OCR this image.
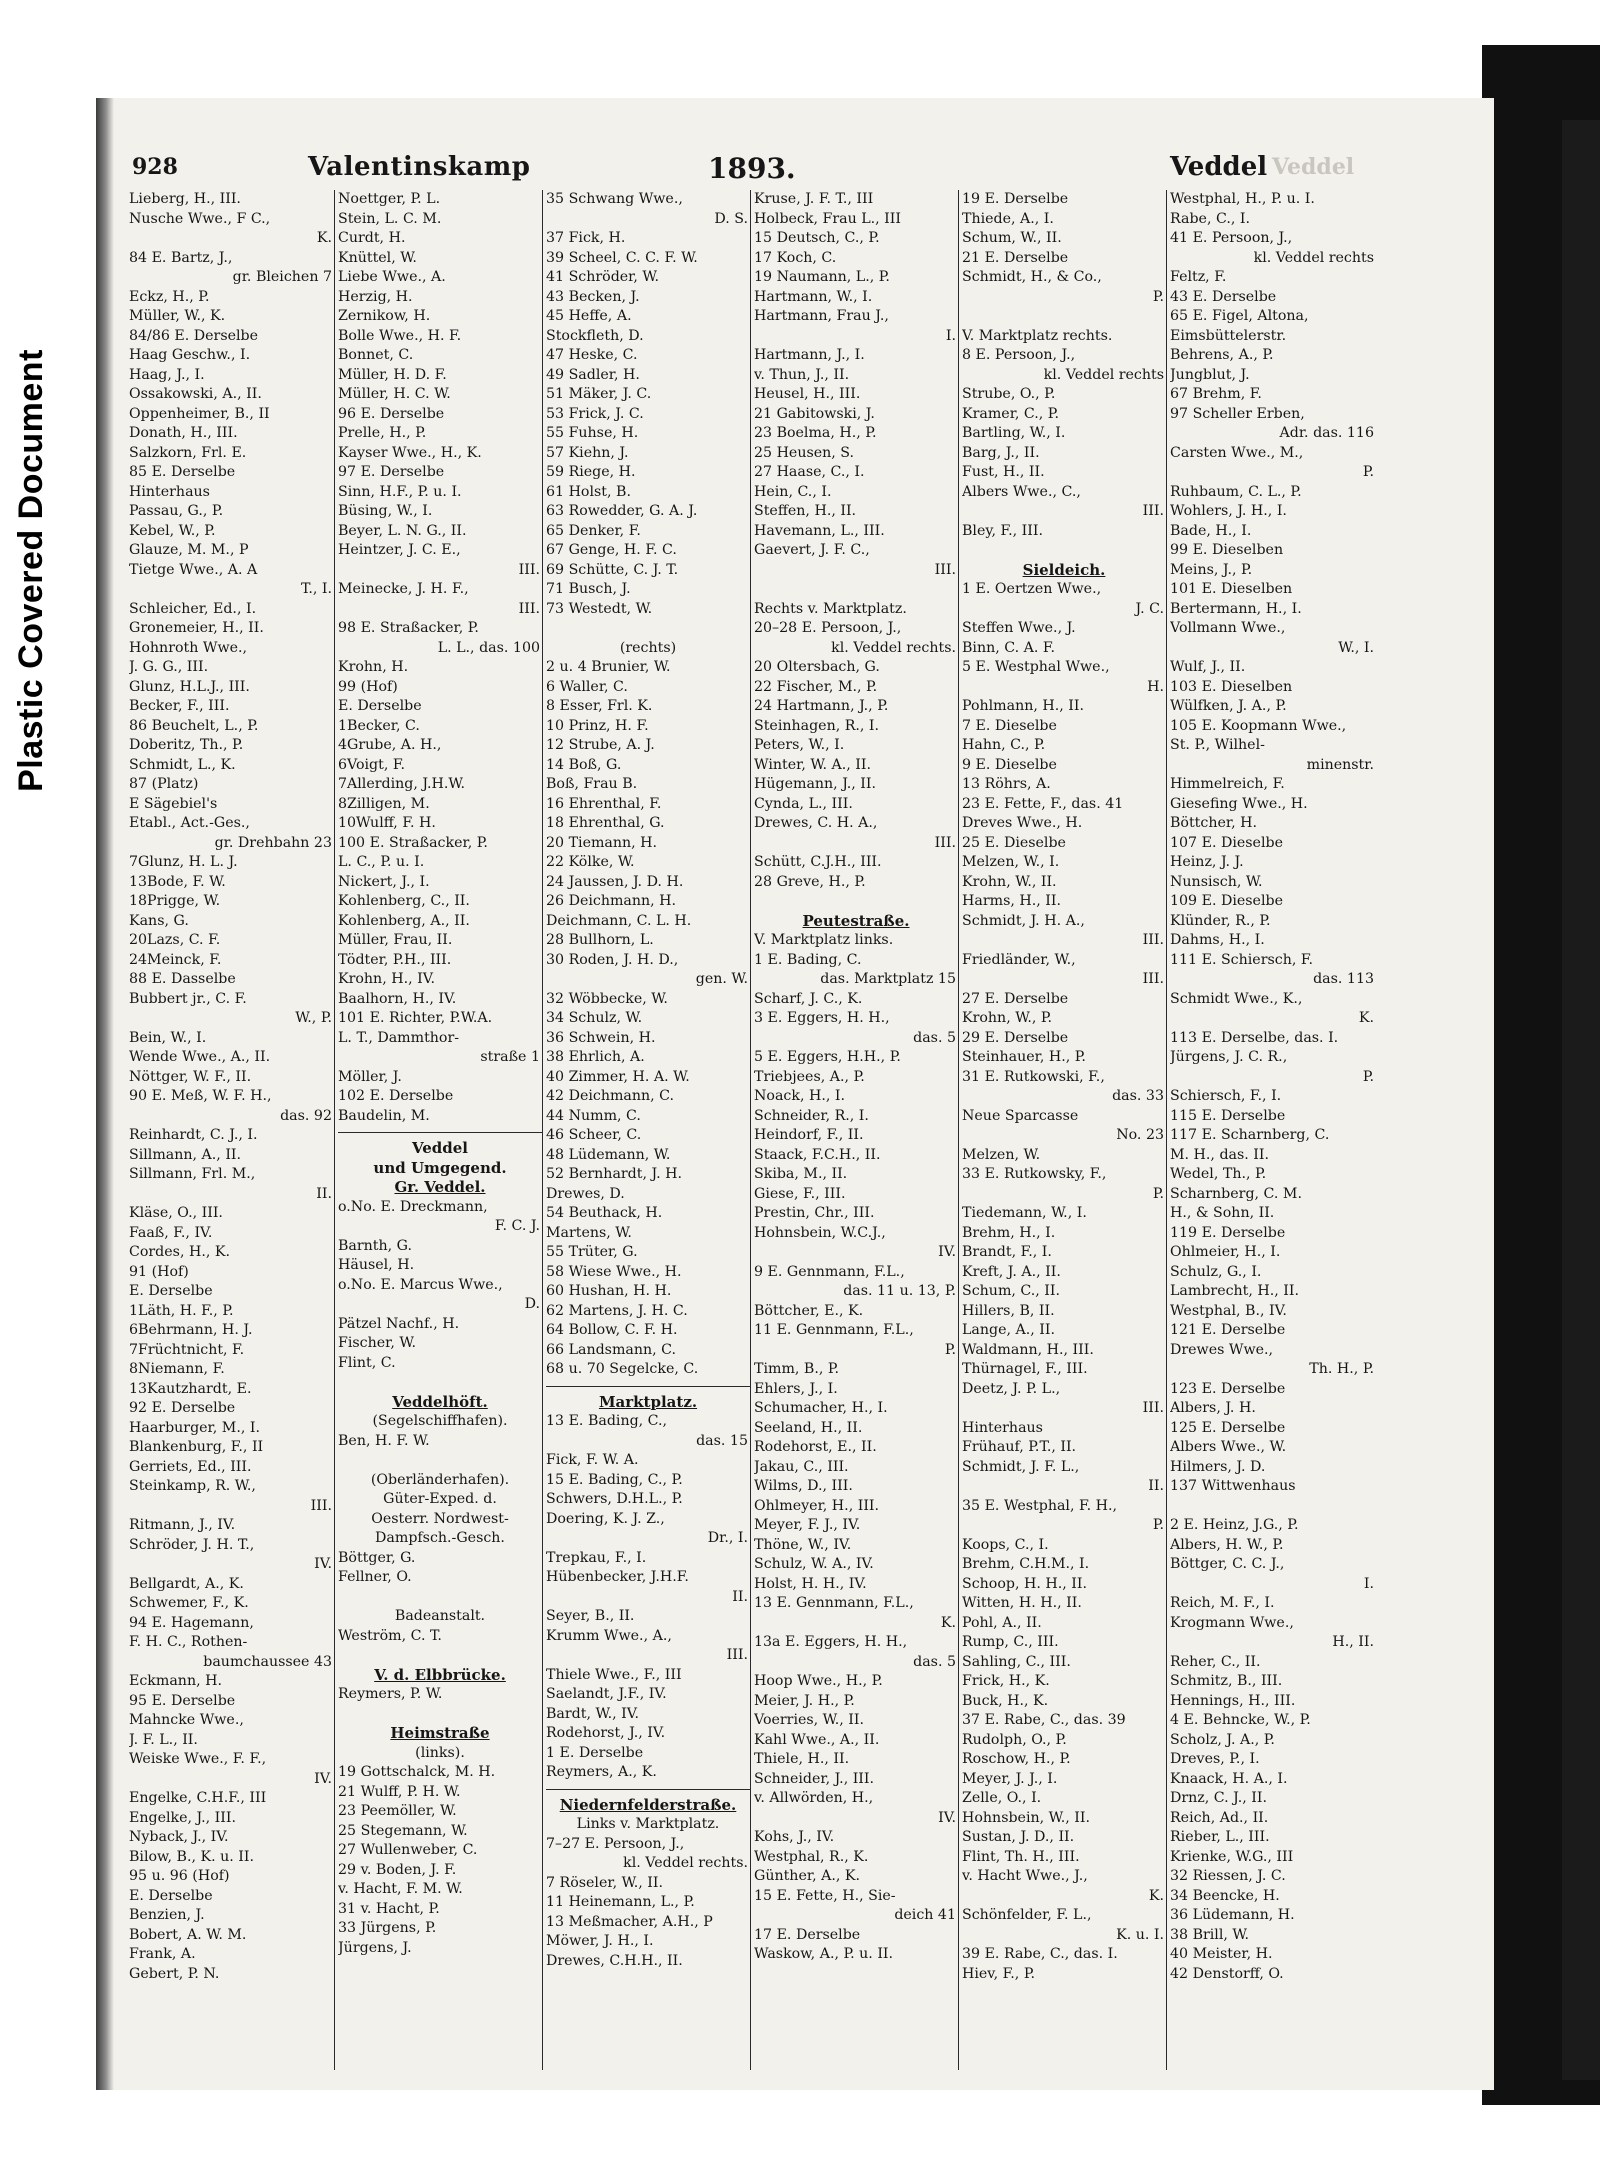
Plastic Covered Document
928	Valentinskamp	1893.	Veddel Veddel
Lieberg, H., III.
Nusche Wwe., F C.,
K.
84 E. Bartz, J.,
gr. Bleichen 7
Eckz, H., P.
Müller, W., K.
84/86 E. Derselbe
Haag Geschw., I.
Haag, J., I.
Ossakowski, A., II.
Oppenheimer, B., II
Donath, H., III.
Salzkorn, Frl. E.
85 E. Derselbe
Hinterhaus
Passau, G., P.
Kebel, W., P.
Glauze, M. M., P
Tietge Wwe., A. A
T., I.
Schleicher, Ed., I.
Gronemeier, H., II.
Hohnroth Wwe.,
J. G. G., III.
Glunz, H.L.J., III.
Becker, F., III.
86 Beuchelt, L., P.
Doberitz, Th., P.
Schmidt, L., K.
87 (Platz)
E Sägebiel's
Etabl., Act.-Ges.,
gr. Drehbahn 23
7Glunz, H. L. J.
13Bode, F. W.
18Prigge, W.
Kans, G.
20Lazs, C. F.
24Meinck, F.
88 E. Dasselbe
Bubbert jr., C. F.
W., P.
Bein, W., I.
Wende Wwe., A., II.
Nöttger, W. F., II.
90 E. Meß, W. F. H.,
das. 92
Reinhardt, C. J., I.
Sillmann, A., II.
Sillmann, Frl. M.,
II.
Kläse, O., III.
Faaß, F., IV.
Cordes, H., K.
91 (Hof)
E. Derselbe
1Läth, H. F., P.
6Behrmann, H. J.
7Früchtnicht, F.
8Niemann, F.
13Kautzhardt, E.
92 E. Derselbe
Haarburger, M., I.
Blankenburg, F., II
Gerriets, Ed., III.
Steinkamp, R. W.,
III.
Ritmann, J., IV.
Schröder, J. H. T.,
IV.
Bellgardt, A., K.
Schwemer, F., K.
94 E. Hagemann,
F. H. C., Rothen-
baumchaussee 43
Eckmann, H.
95 E. Derselbe
Mahncke Wwe.,
J. F. L., II.
Weiske Wwe., F. F.,
IV.
Engelke, C.H.F., III
Engelke, J., III.
Nyback, J., IV.
Bilow, B., K. u. II.
95 u. 96 (Hof)
E. Derselbe
Benzien, J.
Bobert, A. W. M.
Frank, A.
Gebert, P. N.
Noettger, P. L.
Stein, L. C. M.
Curdt, H.
Knüttel, W.
Liebe Wwe., A.
Herzig, H.
Zernikow, H.
Bolle Wwe., H. F.
Bonnet, C.
Müller, H. D. F.
Müller, H. C. W.
96 E. Derselbe
Prelle, H., P.
Kayser Wwe., H., K.
97 E. Derselbe
Sinn, H.F., P. u. I.
Büsing, W., I.
Beyer, L. N. G., II.
Heintzer, J. C. E.,
III.
Meinecke, J. H. F.,
III.
98 E. Straßacker, P.
L. L., das. 100
Krohn, H.
99 (Hof)
E. Derselbe
1Becker, C.
4Grube, A. H.,
6Voigt, F.
7Allerding, J.H.W.
8Zilligen, M.
10Wulff, F. H.
100 E. Straßacker, P.
L. C., P. u. I.
Nickert, J., I.
Kohlenberg, C., II.
Kohlenberg, A., II.
Müller, Frau, II.
Tödter, P.H., III.
Krohn, H., IV.
Baalhorn, H., IV.
101 E. Richter, P.W.A.
L. T., Dammthor-
straße 1
Möller, J.
102 E. Derselbe
Baudelin, M.
Veddel
und Umgegend.
Gr. Veddel.
o.No. E. Dreckmann,
F. C. J.
Barnth, G.
Häusel, H.
o.No. E. Marcus Wwe.,
D.
Pätzel Nachf., H.
Fischer, W.
Flint, C.
Veddelhöft.
(Segelschiffhafen).
Ben, H. F. W.
(Oberländerhafen).
Güter-Exped. d.
Oesterr. Nordwest-
Dampfsch.-Gesch.
Böttger, G.
Fellner, O.
Badeanstalt.
Weström, C. T.
V. d. Elbbrücke.
Reymers, P. W.
Heimstraße
(links).
19 Gottschalck, M. H.
21 Wulff, P. H. W.
23 Peemöller, W.
25 Stegemann, W.
27 Wullenweber, C.
29 v. Boden, J. F.
v. Hacht, F. M. W.
31 v. Hacht, P.
33 Jürgens, P.
Jürgens, J.
35 Schwang Wwe.,
D. S.
37 Fick, H.
39 Scheel, C. C. F. W.
41 Schröder, W.
43 Becken, J.
45 Heffe, A.
Stockfleth, D.
47 Heske, C.
49 Sadler, H.
51 Mäker, J. C.
53 Frick, J. C.
55 Fuhse, H.
57 Kiehn, J.
59 Riege, H.
61 Holst, B.
63 Rowedder, G. A. J.
65 Denker, F.
67 Genge, H. F. C.
69 Schütte, C. J. T.
71 Busch, J.
73 Westedt, W.
(rechts)
2 u. 4 Brunier, W.
6 Waller, C.
8 Esser, Frl. K.
10 Prinz, H. F.
12 Strube, A. J.
14 Boß, G.
Boß, Frau B.
16 Ehrenthal, F.
18 Ehrenthal, G.
20 Tiemann, H.
22 Kölke, W.
24 Jaussen, J. D. H.
26 Deichmann, H.
Deichmann, C. L. H.
28 Bullhorn, L.
30 Roden, J. H. D.,
gen. W.
32 Wöbbecke, W.
34 Schulz, W.
36 Schwein, H.
38 Ehrlich, A.
40 Zimmer, H. A. W.
42 Deichmann, C.
44 Numm, C.
46 Scheer, C.
48 Lüdemann, W.
52 Bernhardt, J. H.
Drewes, D.
54 Beuthack, H.
Martens, W.
55 Trüter, G.
58 Wiese Wwe., H.
60 Hushan, H. H.
62 Martens, J. H. C.
64 Bollow, C. F. H.
66 Landsmann, C.
68 u. 70 Segelcke, C.
Marktplatz.
13 E. Bading, C.,
das. 15
Fick, F. W. A.
15 E. Bading, C., P.
Schwers, D.H.L., P.
Doering, K. J. Z.,
Dr., I.
Trepkau, F., I.
Hübenbecker, J.H.F.
II.
Seyer, B., II.
Krumm Wwe., A.,
III.
Thiele Wwe., F., III
Saelandt, J.F., IV.
Bardt, W., IV.
Rodehorst, J., IV.
1 E. Derselbe
Reymers, A., K.
Niedernfelderstraße.
Links v. Marktplatz.
7–27 E. Persoon, J.,
kl. Veddel rechts.
7 Röseler, W., II.
11 Heinemann, L., P.
13 Meßmacher, A.H., P
Möwer, J. H., I.
Drewes, C.H.H., II.
Kruse, J. F. T., III
Holbeck, Frau L., III
15 Deutsch, C., P.
17 Koch, C.
19 Naumann, L., P.
Hartmann, W., I.
Hartmann, Frau J.,
I.
Hartmann, J., I.
v. Thun, J., II.
Heusel, H., III.
21 Gabitowski, J.
23 Boelma, H., P.
25 Heusen, S.
27 Haase, C., I.
Hein, C., I.
Steffen, H., II.
Havemann, L., III.
Gaevert, J. F. C.,
III.
Rechts v. Marktplatz.
20–28 E. Persoon, J.,
kl. Veddel rechts.
20 Oltersbach, G.
22 Fischer, M., P.
24 Hartmann, J., P.
Steinhagen, R., I.
Peters, W., I.
Winter, W. A., II.
Hügemann, J., II.
Cynda, L., III.
Drewes, C. H. A.,
III.
Schütt, C.J.H., III.
28 Greve, H., P.
Peutestraße.
V. Marktplatz links.
1 E. Bading, C.
das. Marktplatz 15
Scharf, J. C., K.
3 E. Eggers, H. H.,
das. 5
5 E. Eggers, H.H., P.
Triebjees, A., P.
Noack, H., I.
Schneider, R., I.
Heindorf, F., II.
Staack, F.C.H., II.
Skiba, M., II.
Giese, F., III.
Prestin, Chr., III.
Hohnsbein, W.C.J.,
IV.
9 E. Gennmann, F.L.,
das. 11 u. 13, P.
Böttcher, E., K.
11 E. Gennmann, F.L.,
P.
Timm, B., P.
Ehlers, J., I.
Schumacher, H., I.
Seeland, H., II.
Rodehorst, E., II.
Jakau, C., III.
Wilms, D., III.
Ohlmeyer, H., III.
Meyer, F. J., IV.
Thöne, W., IV.
Schulz, W. A., IV.
Holst, H. H., IV.
13 E. Gennmann, F.L.,
K.
13a E. Eggers, H. H.,
das. 5
Hoop Wwe., H., P.
Meier, J. H., P.
Voerries, W., II.
Kahl Wwe., A., II.
Thiele, H., II.
Schneider, J., III.
v. Allwörden, H.,
IV.
Kohs, J., IV.
Westphal, R., K.
Günther, A., K.
15 E. Fette, H., Sie-
deich 41
17 E. Derselbe
Waskow, A., P. u. II.
19 E. Derselbe
Thiede, A., I.
Schum, W., II.
21 E. Derselbe
Schmidt, H., & Co.,
P.
V. Marktplatz rechts.
8 E. Persoon, J.,
kl. Veddel rechts
Strube, O., P.
Kramer, C., P.
Bartling, W., I.
Barg, J., II.
Fust, H., II.
Albers Wwe., C.,
III.
Bley, F., III.
Sieldeich.
1 E. Oertzen Wwe.,
J. C.
Steffen Wwe., J.
Binn, C. A. F.
5 E. Westphal Wwe.,
H.
Pohlmann, H., II.
7 E. Dieselbe
Hahn, C., P.
9 E. Dieselbe
13 Röhrs, A.
23 E. Fette, F., das. 41
Dreves Wwe., H.
25 E. Dieselbe
Melzen, W., I.
Krohn, W., II.
Harms, H., II.
Schmidt, J. H. A.,
III.
Friedländer, W.,
III.
27 E. Derselbe
Krohn, W., P.
29 E. Derselbe
Steinhauer, H., P.
31 E. Rutkowski, F.,
das. 33
Neue Sparcasse
No. 23
Melzen, W.
33 E. Rutkowsky, F.,
P.
Tiedemann, W., I.
Brehm, H., I.
Brandt, F., I.
Kreft, J. A., II.
Schum, C., II.
Hillers, B, II.
Lange, A., II.
Waldmann, H., III.
Thürnagel, F., III.
Deetz, J. P. L.,
III.
Hinterhaus
Frühauf, P.T., II.
Schmidt, J. F. L.,
II.
35 E. Westphal, F. H.,
P.
Koops, C., I.
Brehm, C.H.M., I.
Schoop, H. H., II.
Witten, H. H., II.
Pohl, A., II.
Rump, C., III.
Sahling, C., III.
Frick, H., K.
Buck, H., K.
37 E. Rabe, C., das. 39
Rudolph, O., P.
Roschow, H., P.
Meyer, J. J., I.
Zelle, O., I.
Hohnsbein, W., II.
Sustan, J. D., II.
Flint, Th. H., III.
v. Hacht Wwe., J.,
K.
Schönfelder, F. L.,
K. u. I.
39 E. Rabe, C., das. I.
Hiev, F., P.
Westphal, H., P. u. I.
Rabe, C., I.
41 E. Persoon, J.,
kl. Veddel rechts
Feltz, F.
43 E. Derselbe
65 E. Figel, Altona,
Eimsbüttelerstr.
Behrens, A., P.
Jungblut, J.
67 Brehm, F.
97 Scheller Erben,
Adr. das. 116
Carsten Wwe., M.,
P.
Ruhbaum, C. L., P.
Wohlers, J. H., I.
Bade, H., I.
99 E. Dieselben
Meins, J., P.
101 E. Dieselben
Bertermann, H., I.
Vollmann Wwe.,
W., I.
Wulf, J., II.
103 E. Dieselben
Wülfken, J. A., P.
105 E. Koopmann Wwe.,
St. P., Wilhel-
minenstr.
Himmelreich, F.
Giesefing Wwe., H.
Böttcher, H.
107 E. Dieselbe
Heinz, J. J.
Nunsisch, W.
109 E. Dieselbe
Klünder, R., P.
Dahms, H., I.
111 E. Schiersch, F.
das. 113
Schmidt Wwe., K.,
K.
113 E. Derselbe, das. I.
Jürgens, J. C. R.,
P.
Schiersch, F., I.
115 E. Derselbe
117 E. Scharnberg, C.
M. H., das. II.
Wedel, Th., P.
Scharnberg, C. M.
H., & Sohn, II.
119 E. Derselbe
Ohlmeier, H., I.
Schulz, G., I.
Lambrecht, H., II.
Westphal, B., IV.
121 E. Derselbe
Drewes Wwe.,
Th. H., P.
123 E. Derselbe
Albers, J. H.
125 E. Derselbe
Albers Wwe., W.
Hilmers, J. D.
137 Wittwenhaus
2 E. Heinz, J.G., P.
Albers, H. W., P.
Böttger, C. C. J.,
I.
Reich, M. F., I.
Krogmann Wwe.,
H., II.
Reher, C., II.
Schmitz, B., III.
Hennings, H., III.
4 E. Behncke, W., P.
Scholz, J. A., P.
Dreves, P., I.
Knaack, H. A., I.
Drnz, C. J., II.
Reich, Ad., II.
Rieber, L., III.
Krienke, W.G., III
32 Riessen, J. C.
34 Beencke, H.
36 Lüdemann, H.
38 Brill, W.
40 Meister, H.
42 Denstorff, O.
